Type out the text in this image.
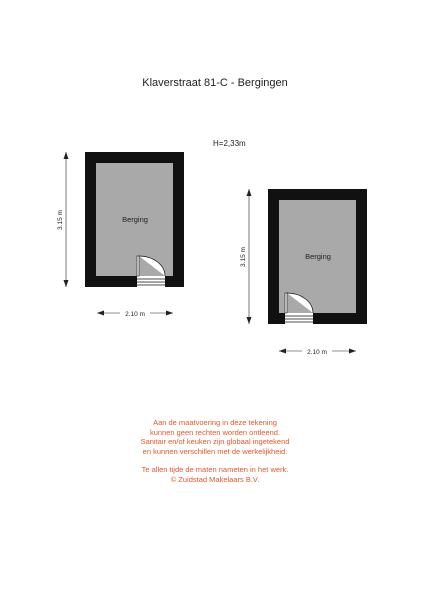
Klaverstraat 81-C - Bergingen
H=2,33m
Berging
3.15 m
2.10 m
Berging
3.15 m
2.10 m
Aan de maatvoering in deze tekening
kunnen geen rechten worden ontleend.
Sanitair en/of keuken zijn globaal ingetekend
en kunnen verschillen met de werkelijkheid.
Te allen tijde de maten nameten in het werk.
© Zuidstad Makelaars B.V.
